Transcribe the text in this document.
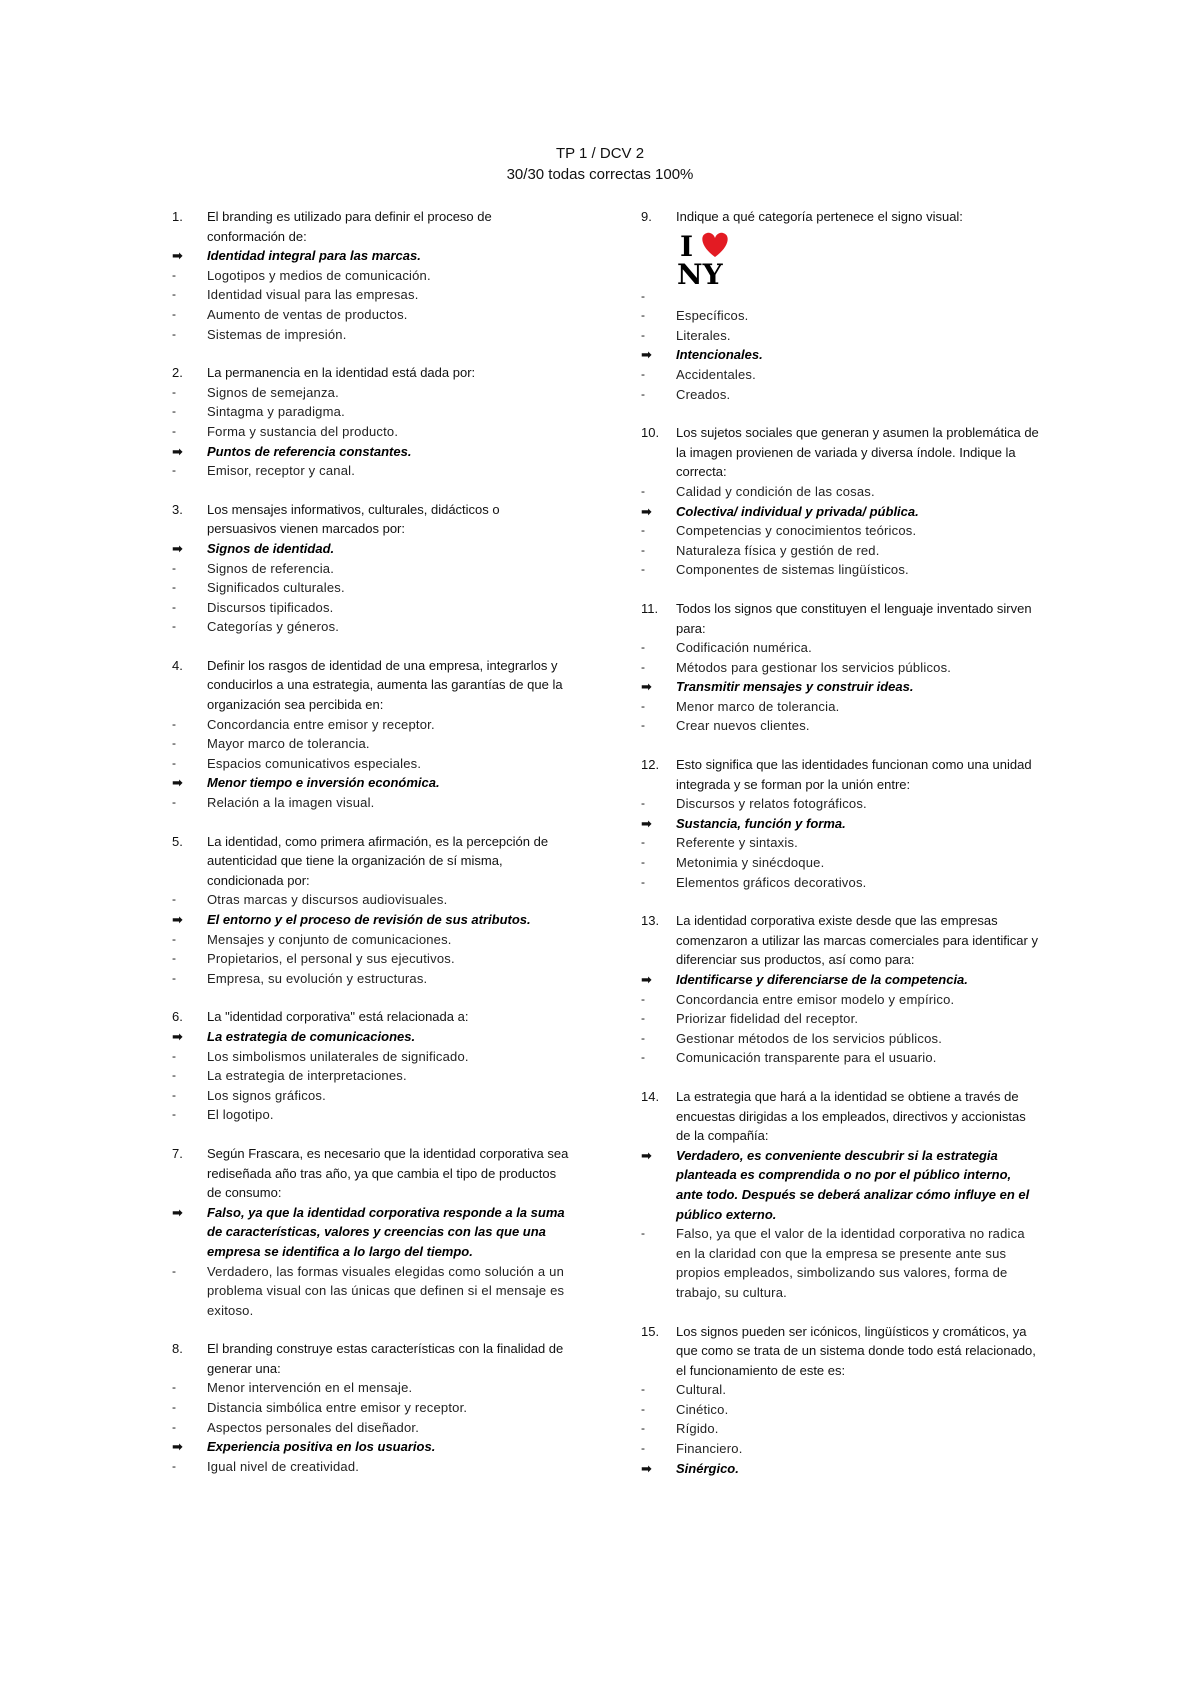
TP 1 / DCV 2
30/30 todas correctas 100%
1.	El branding es utilizado para definir el proceso de conformación de:
➡	Identidad integral para las marcas.
-	Logotipos y medios de comunicación.
-	Identidad visual para las empresas.
-	Aumento de ventas de productos.
-	Sistemas de impresión.
2.	La permanencia en la identidad está dada por:
-	Signos de semejanza.
-	Sintagma y paradigma.
-	Forma y sustancia del producto.
➡	Puntos de referencia constantes.
-	Emisor, receptor y canal.
3.	Los mensajes informativos, culturales, didácticos o persuasivos vienen marcados por:
➡	Signos de identidad.
-	Signos de referencia.
-	Significados culturales.
-	Discursos tipificados.
-	Categorías y géneros.
4.	Definir los rasgos de identidad de una empresa, integrarlos y conducirlos a una estrategia, aumenta las garantías de que la organización sea percibida en:
-	Concordancia entre emisor y receptor.
-	Mayor marco de tolerancia.
-	Espacios comunicativos especiales.
➡	Menor tiempo e inversión económica.
-	Relación a la imagen visual.
5.	La identidad, como primera afirmación, es la percepción de autenticidad que tiene la organización de sí misma, condicionada por:
-	Otras marcas y discursos audiovisuales.
➡	El entorno y el proceso de revisión de sus atributos.
-	Mensajes y conjunto de comunicaciones.
-	Propietarios, el personal y sus ejecutivos.
-	Empresa, su evolución y estructuras.
6.	La "identidad corporativa" está relacionada a:
➡	La estrategia de comunicaciones.
-	Los simbolismos unilaterales de significado.
-	La estrategia de interpretaciones.
-	Los signos gráficos.
-	El logotipo.
7.	Según Frascara, es necesario que la identidad corporativa sea rediseñada año tras año, ya que cambia el tipo de productos de consumo:
➡	Falso, ya que la identidad corporativa responde a la suma de características, valores y creencias con las que una empresa se identifica a lo largo del tiempo.
-	Verdadero, las formas visuales elegidas como solución a un problema visual con las únicas que definen si el mensaje es exitoso.
8.	El branding construye estas características con la finalidad de generar una:
-	Menor intervención en el mensaje.
-	Distancia simbólica entre emisor y receptor.
-	Aspectos personales del diseñador.
➡	Experiencia positiva en los usuarios.
-	Igual nivel de creatividad.
9.	Indique a qué categoría pertenece el signo visual:
I
NY
-
-	Específicos.
-	Literales.
➡	Intencionales.
-	Accidentales.
-	Creados.
10.	Los sujetos sociales que generan y asumen la problemática de la imagen provienen de variada y diversa índole. Indique la correcta:
-	Calidad y condición de las cosas.
➡	Colectiva/ individual y privada/ pública.
-	Competencias y conocimientos teóricos.
-	Naturaleza física y gestión de red.
-	Componentes de sistemas lingüísticos.
11.	Todos los signos que constituyen el lenguaje inventado sirven para:
-	Codificación numérica.
-	Métodos para gestionar los servicios públicos.
➡	Transmitir mensajes y construir ideas.
-	Menor marco de tolerancia.
-	Crear nuevos clientes.
12.	Esto significa que las identidades funcionan como una unidad integrada y se forman por la unión entre:
-	Discursos y relatos fotográficos.
➡	Sustancia, función y forma.
-	Referente y sintaxis.
-	Metonimia y sinécdoque.
-	Elementos gráficos decorativos.
13.	La identidad corporativa existe desde que las empresas comenzaron a utilizar las marcas comerciales para identificar y diferenciar sus productos, así como para:
➡	Identificarse y diferenciarse de la competencia.
-	Concordancia entre emisor modelo y empírico.
-	Priorizar fidelidad del receptor.
-	Gestionar métodos de los servicios públicos.
-	Comunicación transparente para el usuario.
14.	La estrategia que hará a la identidad se obtiene a través de encuestas dirigidas a los empleados, directivos y accionistas de la compañía:
➡	Verdadero, es conveniente descubrir si la estrategia planteada es comprendida o no por el público interno, ante todo. Después se deberá analizar cómo influye en el público externo.
-	Falso, ya que el valor de la identidad corporativa no radica en la claridad con que la empresa se presente ante sus propios empleados, simbolizando sus valores, forma de trabajo, su cultura.
15.	Los signos pueden ser icónicos, lingüísticos y cromáticos, ya que como se trata de un sistema donde todo está relacionado, el funcionamiento de este es:
-	Cultural.
-	Cinético.
-	Rígido.
-	Financiero.
➡	Sinérgico.
